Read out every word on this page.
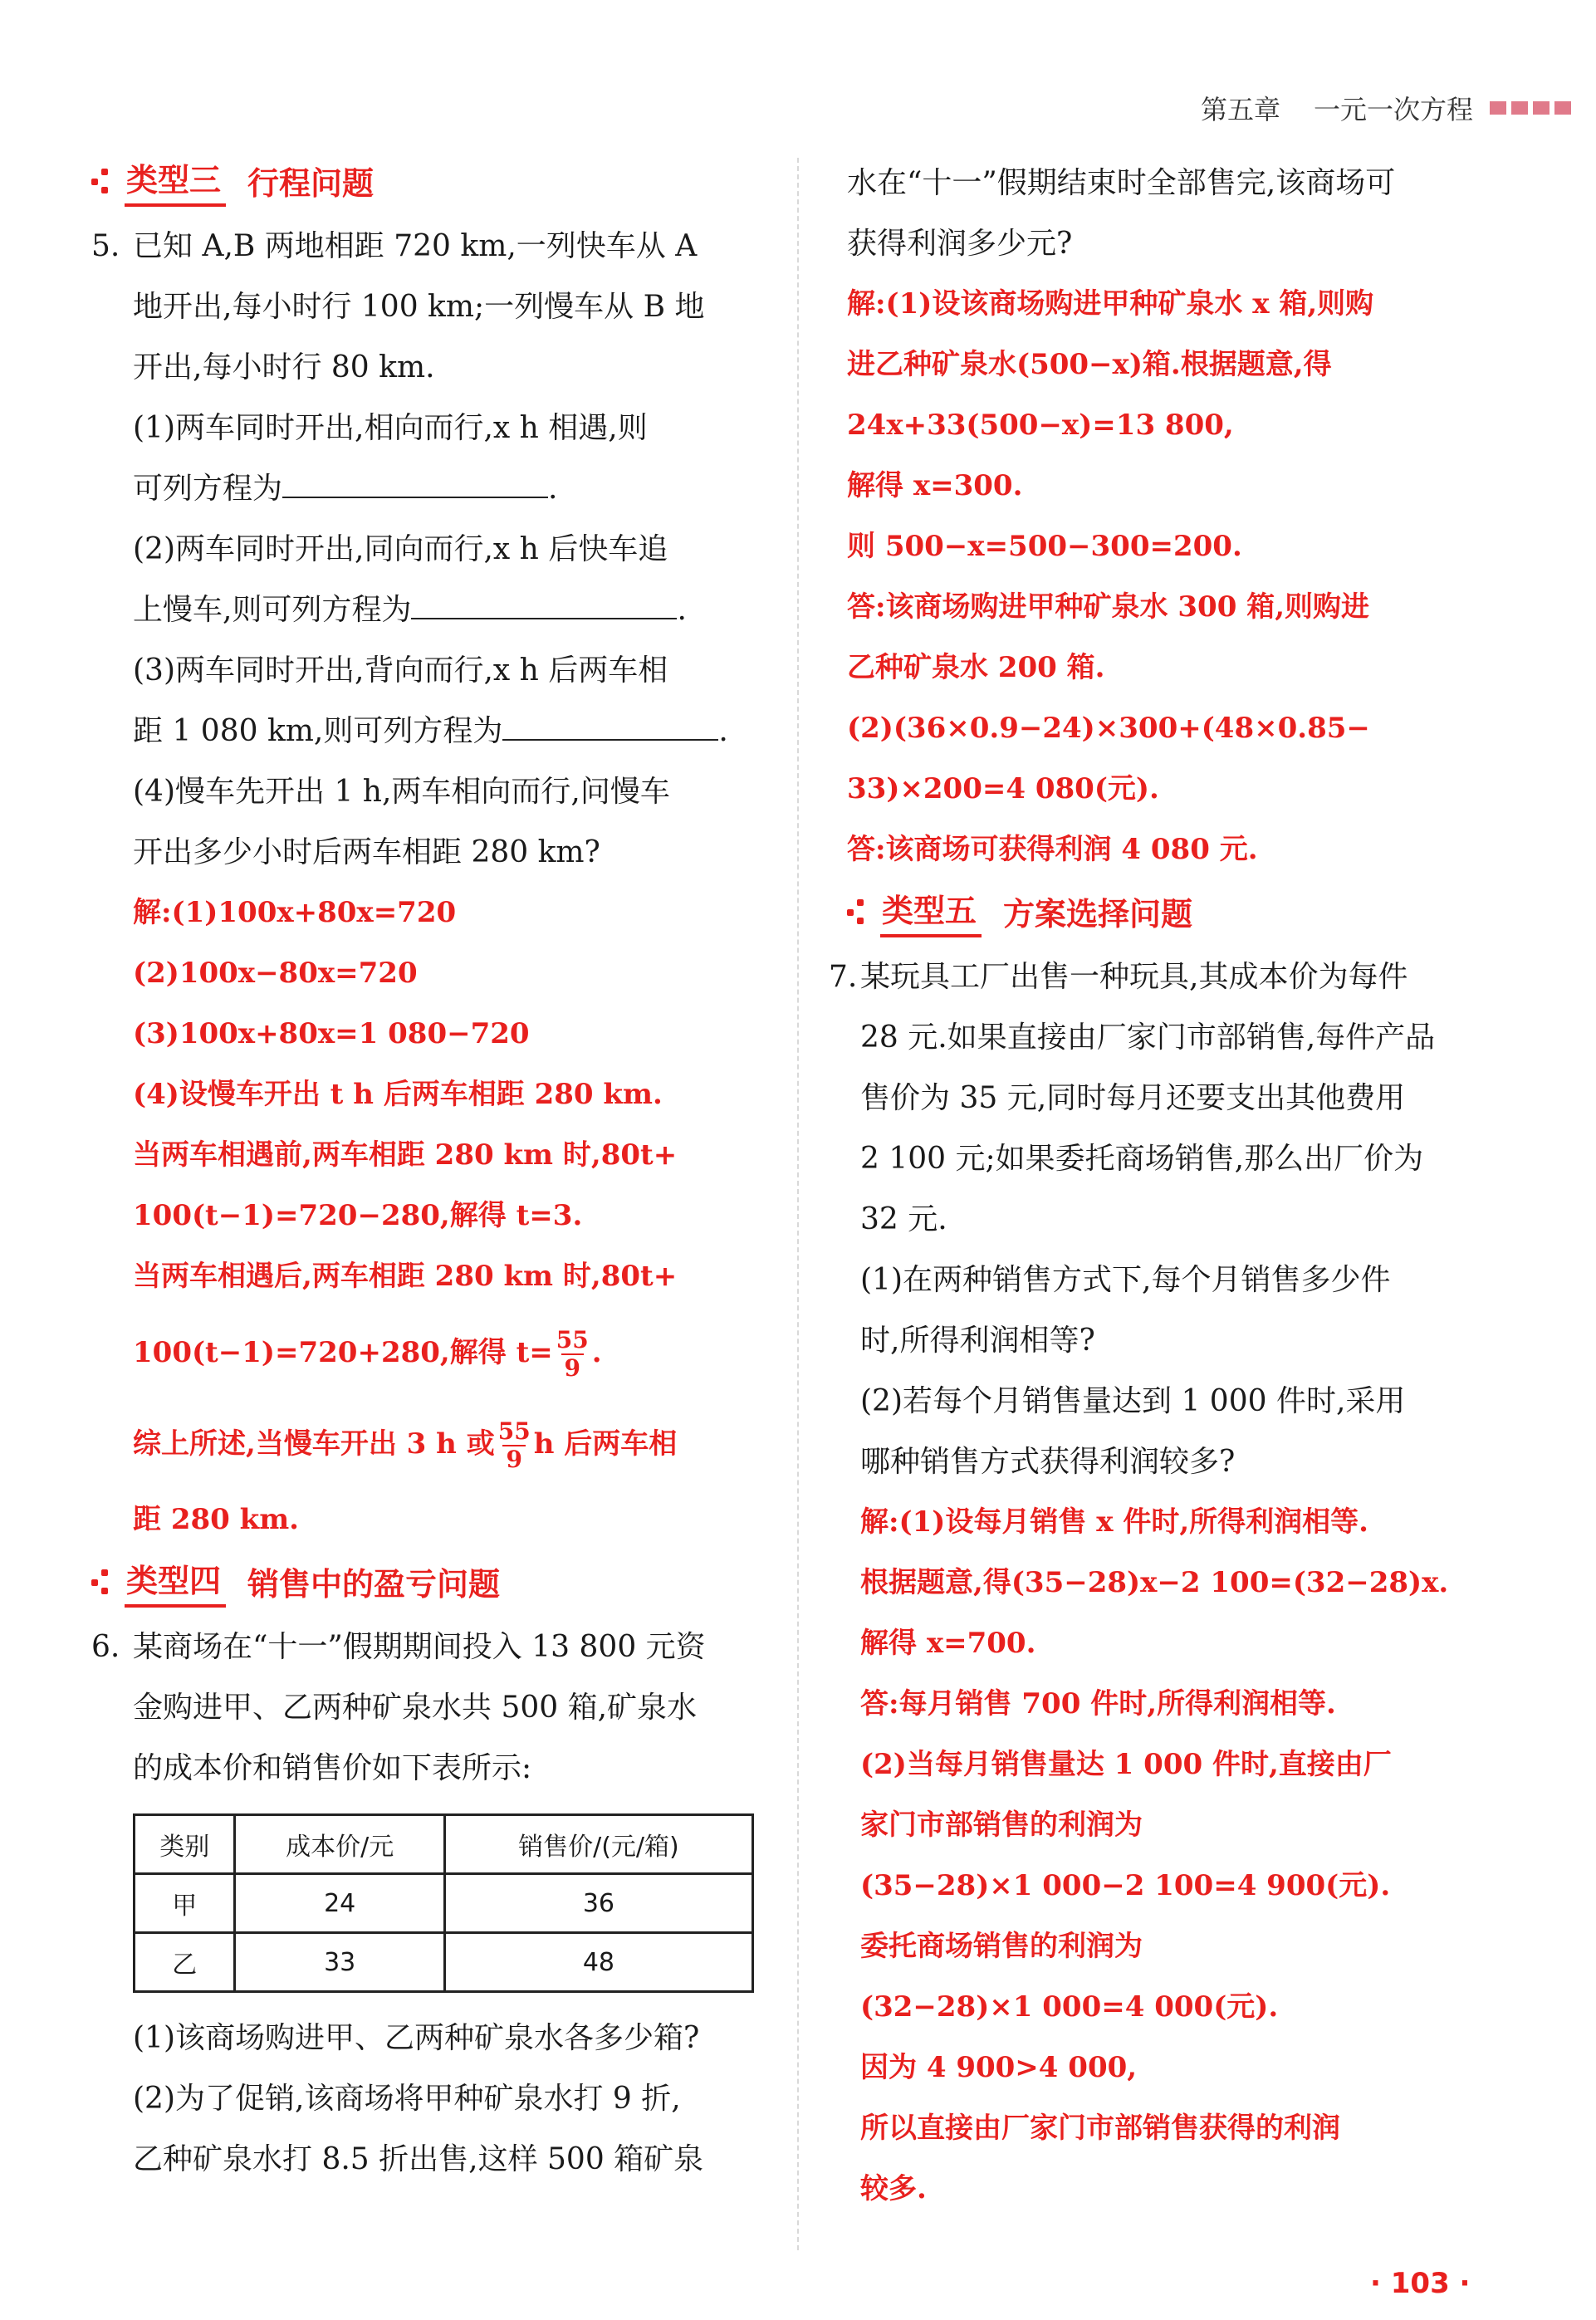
第五章 一元一次方程
类型三 行程问题
5. 已知 A,B 两地相距 720 km,一列快车从 A
地开出,每小时行 100 km;一列慢车从 B 地
开出,每小时行 80 km.
(1)两车同时开出,相向而行,x h 相遇,则
可列方程为	.
(2)两车同时开出,同向而行,x h 后快车追
上慢车,则可列方程为	.
(3)两车同时开出,背向而行,x h 后两车相
距 1 080 km,则可列方程为	.
(4)慢车先开出 1 h,两车相向而行,问慢车
开出多少小时后两车相距 280 km?
解:(1)100x+80x=720
(2)100x−80x=720
(3)100x+80x=1 080−720
(4)设慢车开出 t h 后两车相距 280 km.
当两车相遇前,两车相距 280 km 时,80t+
100(t−1)=720−280,解得 t=3.
当两车相遇后,两车相距 280 km 时,80t+
100(t−1)=720+280,解得 $t= \frac{55}{9}$ .
综上所述,当慢车开出 3 h 或 $\frac{55}{9}$ h 后两车相
距 280 km.
类型四 销售中的盈亏问题
6. 某商场在“十一”假期期间投入 13 800 元资
金购进甲、乙两种矿泉水共 500 箱,矿泉水
的成本价和销售价如下表所示:
类别	成本价/元	销售价/(元/箱)
甲	24	36
乙	33	48
(1)该商场购进甲、乙两种矿泉水各多少箱?
(2)为了促销,该商场将甲种矿泉水打 9 折,
乙种矿泉水打 8.5 折出售,这样 500 箱矿泉
水在“十一”假期结束时全部售完,该商场可
获得利润多少元?
解:(1)设该商场购进甲种矿泉水 x 箱,则购
进乙种矿泉水(500−x)箱.根据题意,得
24x+33(500−x)=13 800,
解得 x=300.
则 500−x=500−300=200.
答:该商场购进甲种矿泉水 300 箱,则购进
乙种矿泉水 200 箱.
(2)(36×0.9−24)×300+(48×0.85−
33)×200=4 080(元).
答:该商场可获得利润 4 080 元.
类型五 方案选择问题
7. 某玩具工厂出售一种玩具,其成本价为每件
28 元.如果直接由厂家门市部销售,每件产品
售价为 35 元,同时每月还要支出其他费用
2 100 元;如果委托商场销售,那么出厂价为
32 元.
(1)在两种销售方式下,每个月销售多少件
时,所得利润相等?
(2)若每个月销售量达到 1 000 件时,采用
哪种销售方式获得利润较多?
解:(1)设每月销售 x 件时,所得利润相等.
根据题意,得(35−28)x−2 100=(32−28)x.
解得 x=700.
答:每月销售 700 件时,所得利润相等.
(2)当每月销售量达 1 000 件时,直接由厂
家门市部销售的利润为
(35−28)×1 000−2 100=4 900(元).
委托商场销售的利润为
(32−28)×1 000=4 000(元).
因为 4 900>4 000,
所以直接由厂家门市部销售获得的利润
较多.
· 103 ·
